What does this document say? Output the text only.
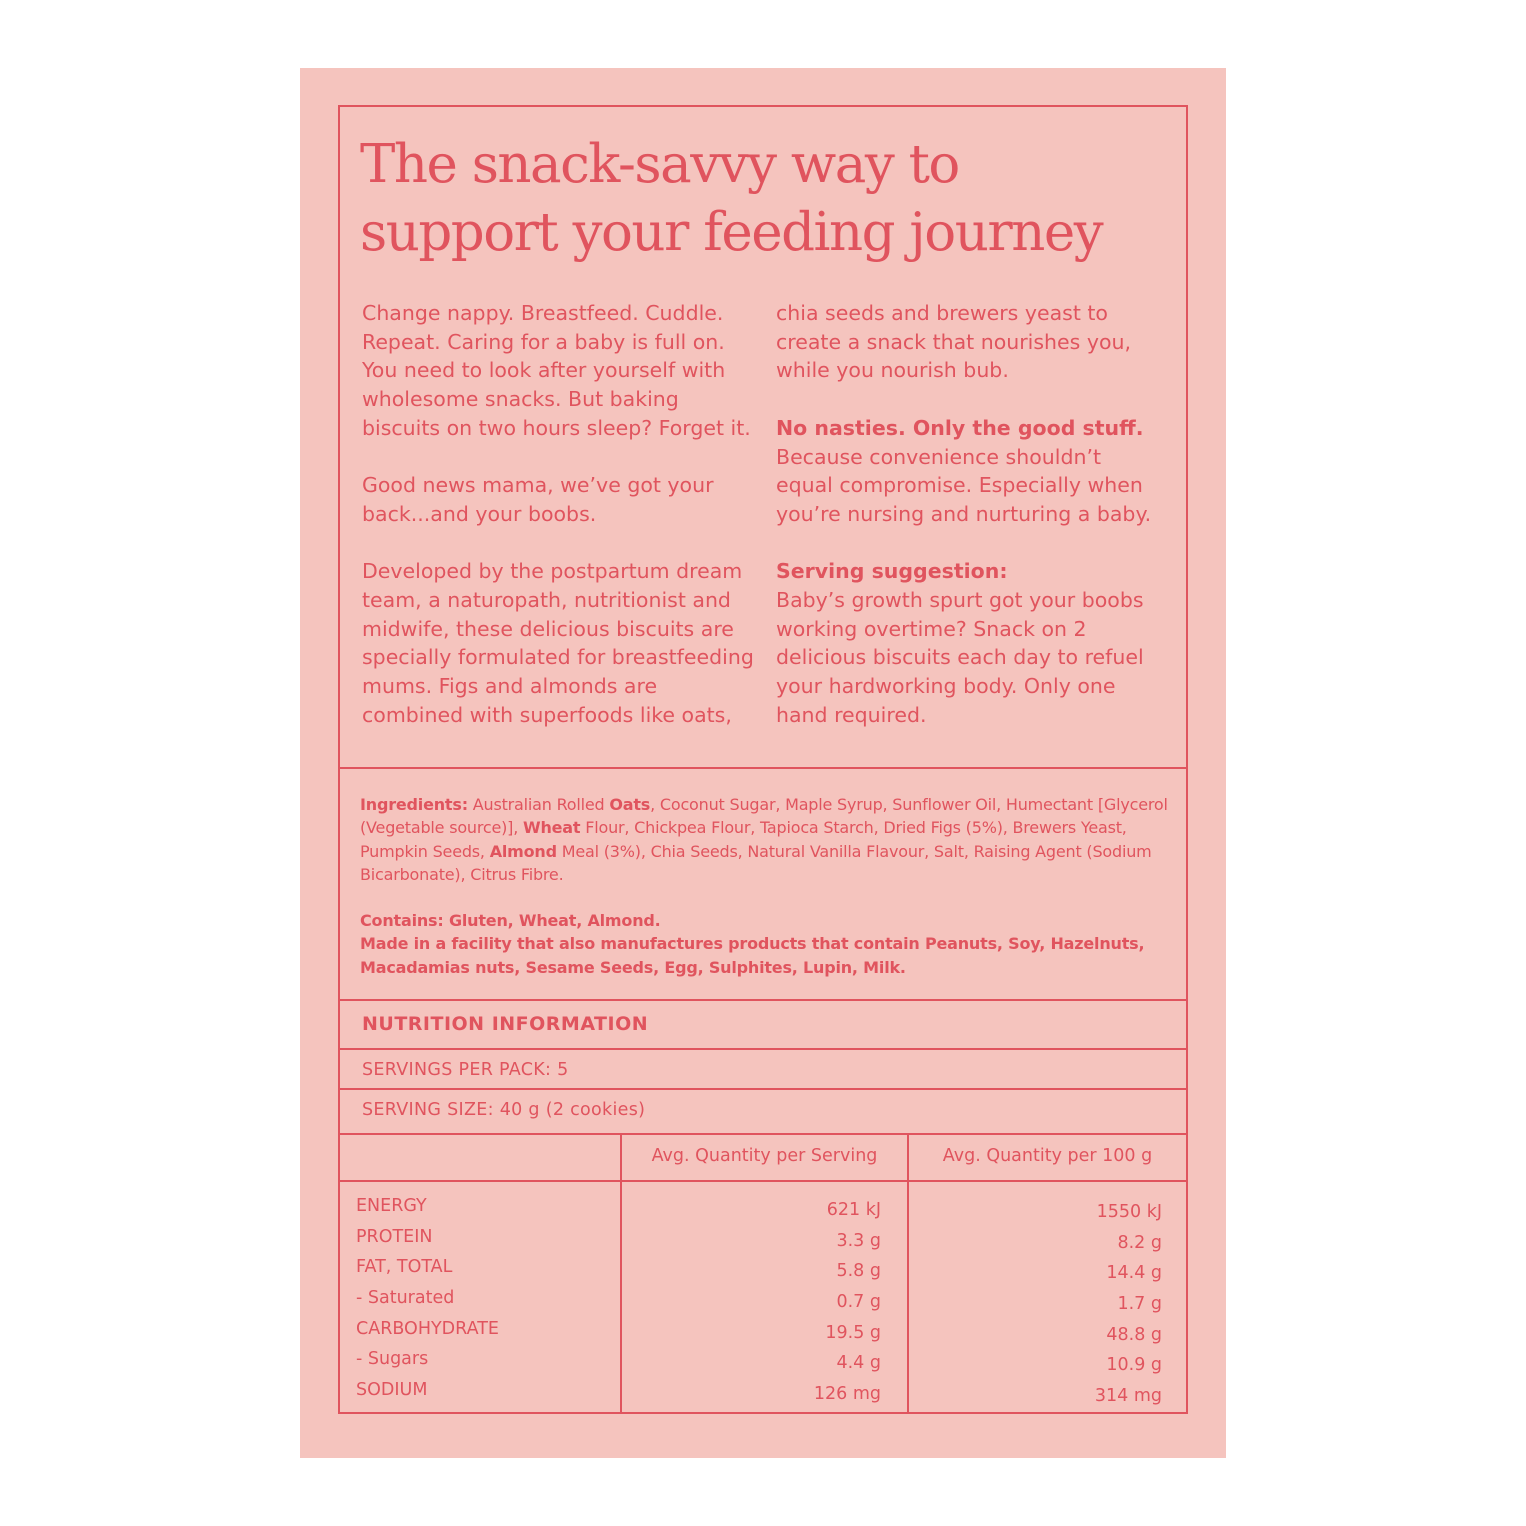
The snack-savvy way to
support your feeding journey

Change nappy. Breastfeed. Cuddle.
Repeat. Caring for a baby is full on.
You need to look after yourself with
wholesome snacks. But baking
biscuits on two hours sleep? Forget it.

Good news mama, we’ve got your
back...and your boobs.

Developed by the postpartum dream
team, a naturopath, nutritionist and
midwife, these delicious biscuits are
specially formulated for breastfeeding
mums. Figs and almonds are
combined with superfoods like oats,

chia seeds and brewers yeast to
create a snack that nourishes you,
while you nourish bub.

No nasties. Only the good stuff.
Because convenience shouldn’t
equal compromise. Especially when
you’re nursing and nurturing a baby.

Serving suggestion:
Baby’s growth spurt got your boobs
working overtime? Snack on 2
delicious biscuits each day to refuel
your hardworking body. Only one
hand required.

Ingredients: Australian Rolled Oats, Coconut Sugar, Maple Syrup, Sunflower Oil, Humectant [Glycerol (Vegetable source)], Wheat Flour, Chickpea Flour, Tapioca Starch, Dried Figs (5%), Brewers Yeast, Pumpkin Seeds, Almond Meal (3%), Chia Seeds, Natural Vanilla Flavour, Salt, Raising Agent (Sodium Bicarbonate), Citrus Fibre.

Contains: Gluten, Wheat, Almond.

Made in a facility that also manufactures products that contain Peanuts, Soy, Hazelnuts, Macadamias nuts, Sesame Seeds, Egg, Sulphites, Lupin, Milk.

NUTRITION INFORMATION
SERVINGS PER PACK: 5
SERVING SIZE: 40 g (2 cookies)
Avg. Quantity per Serving	Avg. Quantity per 100 g
ENERGY
PROTEIN
FAT, TOTAL
- Saturated
CARBOHYDRATE
- Sugars
SODIUM
621 kJ
3.3 g
5.8 g
0.7 g
19.5 g
4.4 g
126 mg
1550 kJ
8.2 g
14.4 g
1.7 g
48.8 g
10.9 g
314 mg
